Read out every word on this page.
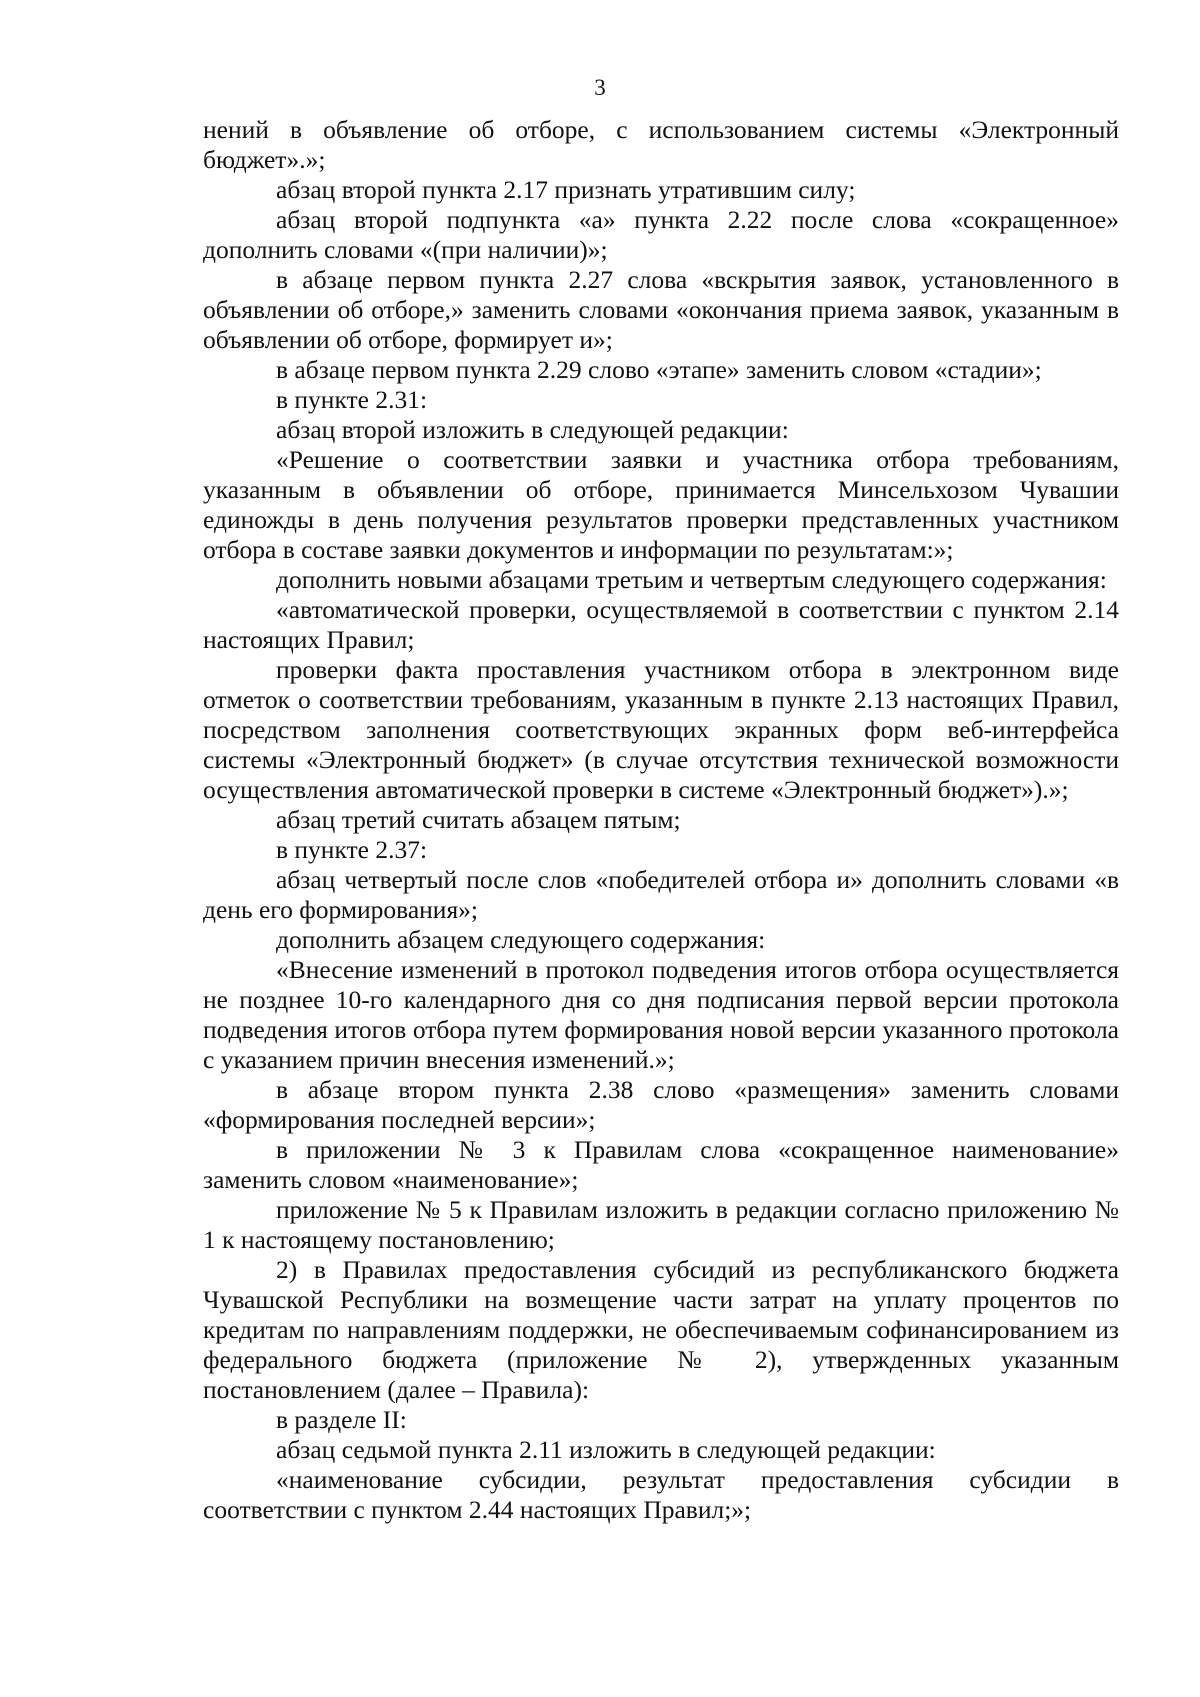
3

нений в объявление об отборе, с использованием системы «Электронный бюджет».»;

абзац второй пункта 2.17 признать утратившим силу;

абзац второй подпункта «а» пункта 2.22 после слова «сокращенное» дополнить словами «(при наличии)»;

в абзаце первом пункта 2.27 слова «вскрытия заявок, установленного в объявлении об отборе,» заменить словами «окончания приема заявок, указанным в объявлении об отборе, формирует и»;

в абзаце первом пункта 2.29 слово «этапе» заменить словом «стадии»;

в пункте 2.31:

абзац второй изложить в следующей редакции:

«Решение о соответствии заявки и участника отбора требованиям, указанным в объявлении об отборе, принимается Минсельхозом Чувашии единожды в день получения результатов проверки представленных участником отбора в составе заявки документов и информации по результатам:»;

дополнить новыми абзацами третьим и четвертым следующего содержания:

«автоматической проверки, осуществляемой в соответствии с пунктом 2.14 настоящих Правил;

проверки факта проставления участником отбора в электронном виде отметок о соответствии требованиям, указанным в пункте 2.13 настоящих Правил, посредством заполнения соответствующих экранных форм веб-интерфейса системы «Электронный бюджет» (в случае отсутствия технической возможности осуществления автоматической проверки в системе «Электронный бюджет»).»;

абзац третий считать абзацем пятым;

в пункте 2.37:

абзац четвертый после слов «победителей отбора и» дополнить словами «в день его формирования»;

дополнить абзацем следующего содержания:

«Внесение изменений в протокол подведения итогов отбора осуществляется не позднее 10-го календарного дня со дня подписания первой версии протокола подведения итогов отбора путем формирования новой версии указанного протокола с указанием причин внесения изменений.»;

в абзаце втором пункта 2.38 слово «размещения» заменить словами «формирования последней версии»;

в приложении № 3 к Правилам слова «сокращенное наименование» заменить словом «наименование»;

приложение № 5 к Правилам изложить в редакции согласно приложению № 1 к настоящему постановлению;

2) в Правилах предоставления субсидий из республиканского бюджета Чувашской Республики на возмещение части затрат на уплату процентов по кредитам по направлениям поддержки, не обеспечиваемым софинансированием из федерального бюджета (приложение № 2), утвержденных указанным постановлением (далее – Правила):

в разделе II:

абзац седьмой пункта 2.11 изложить в следующей редакции:

«наименование субсидии, результат предоставления субсидии в соответствии с пунктом 2.44 настоящих Правил;»;
